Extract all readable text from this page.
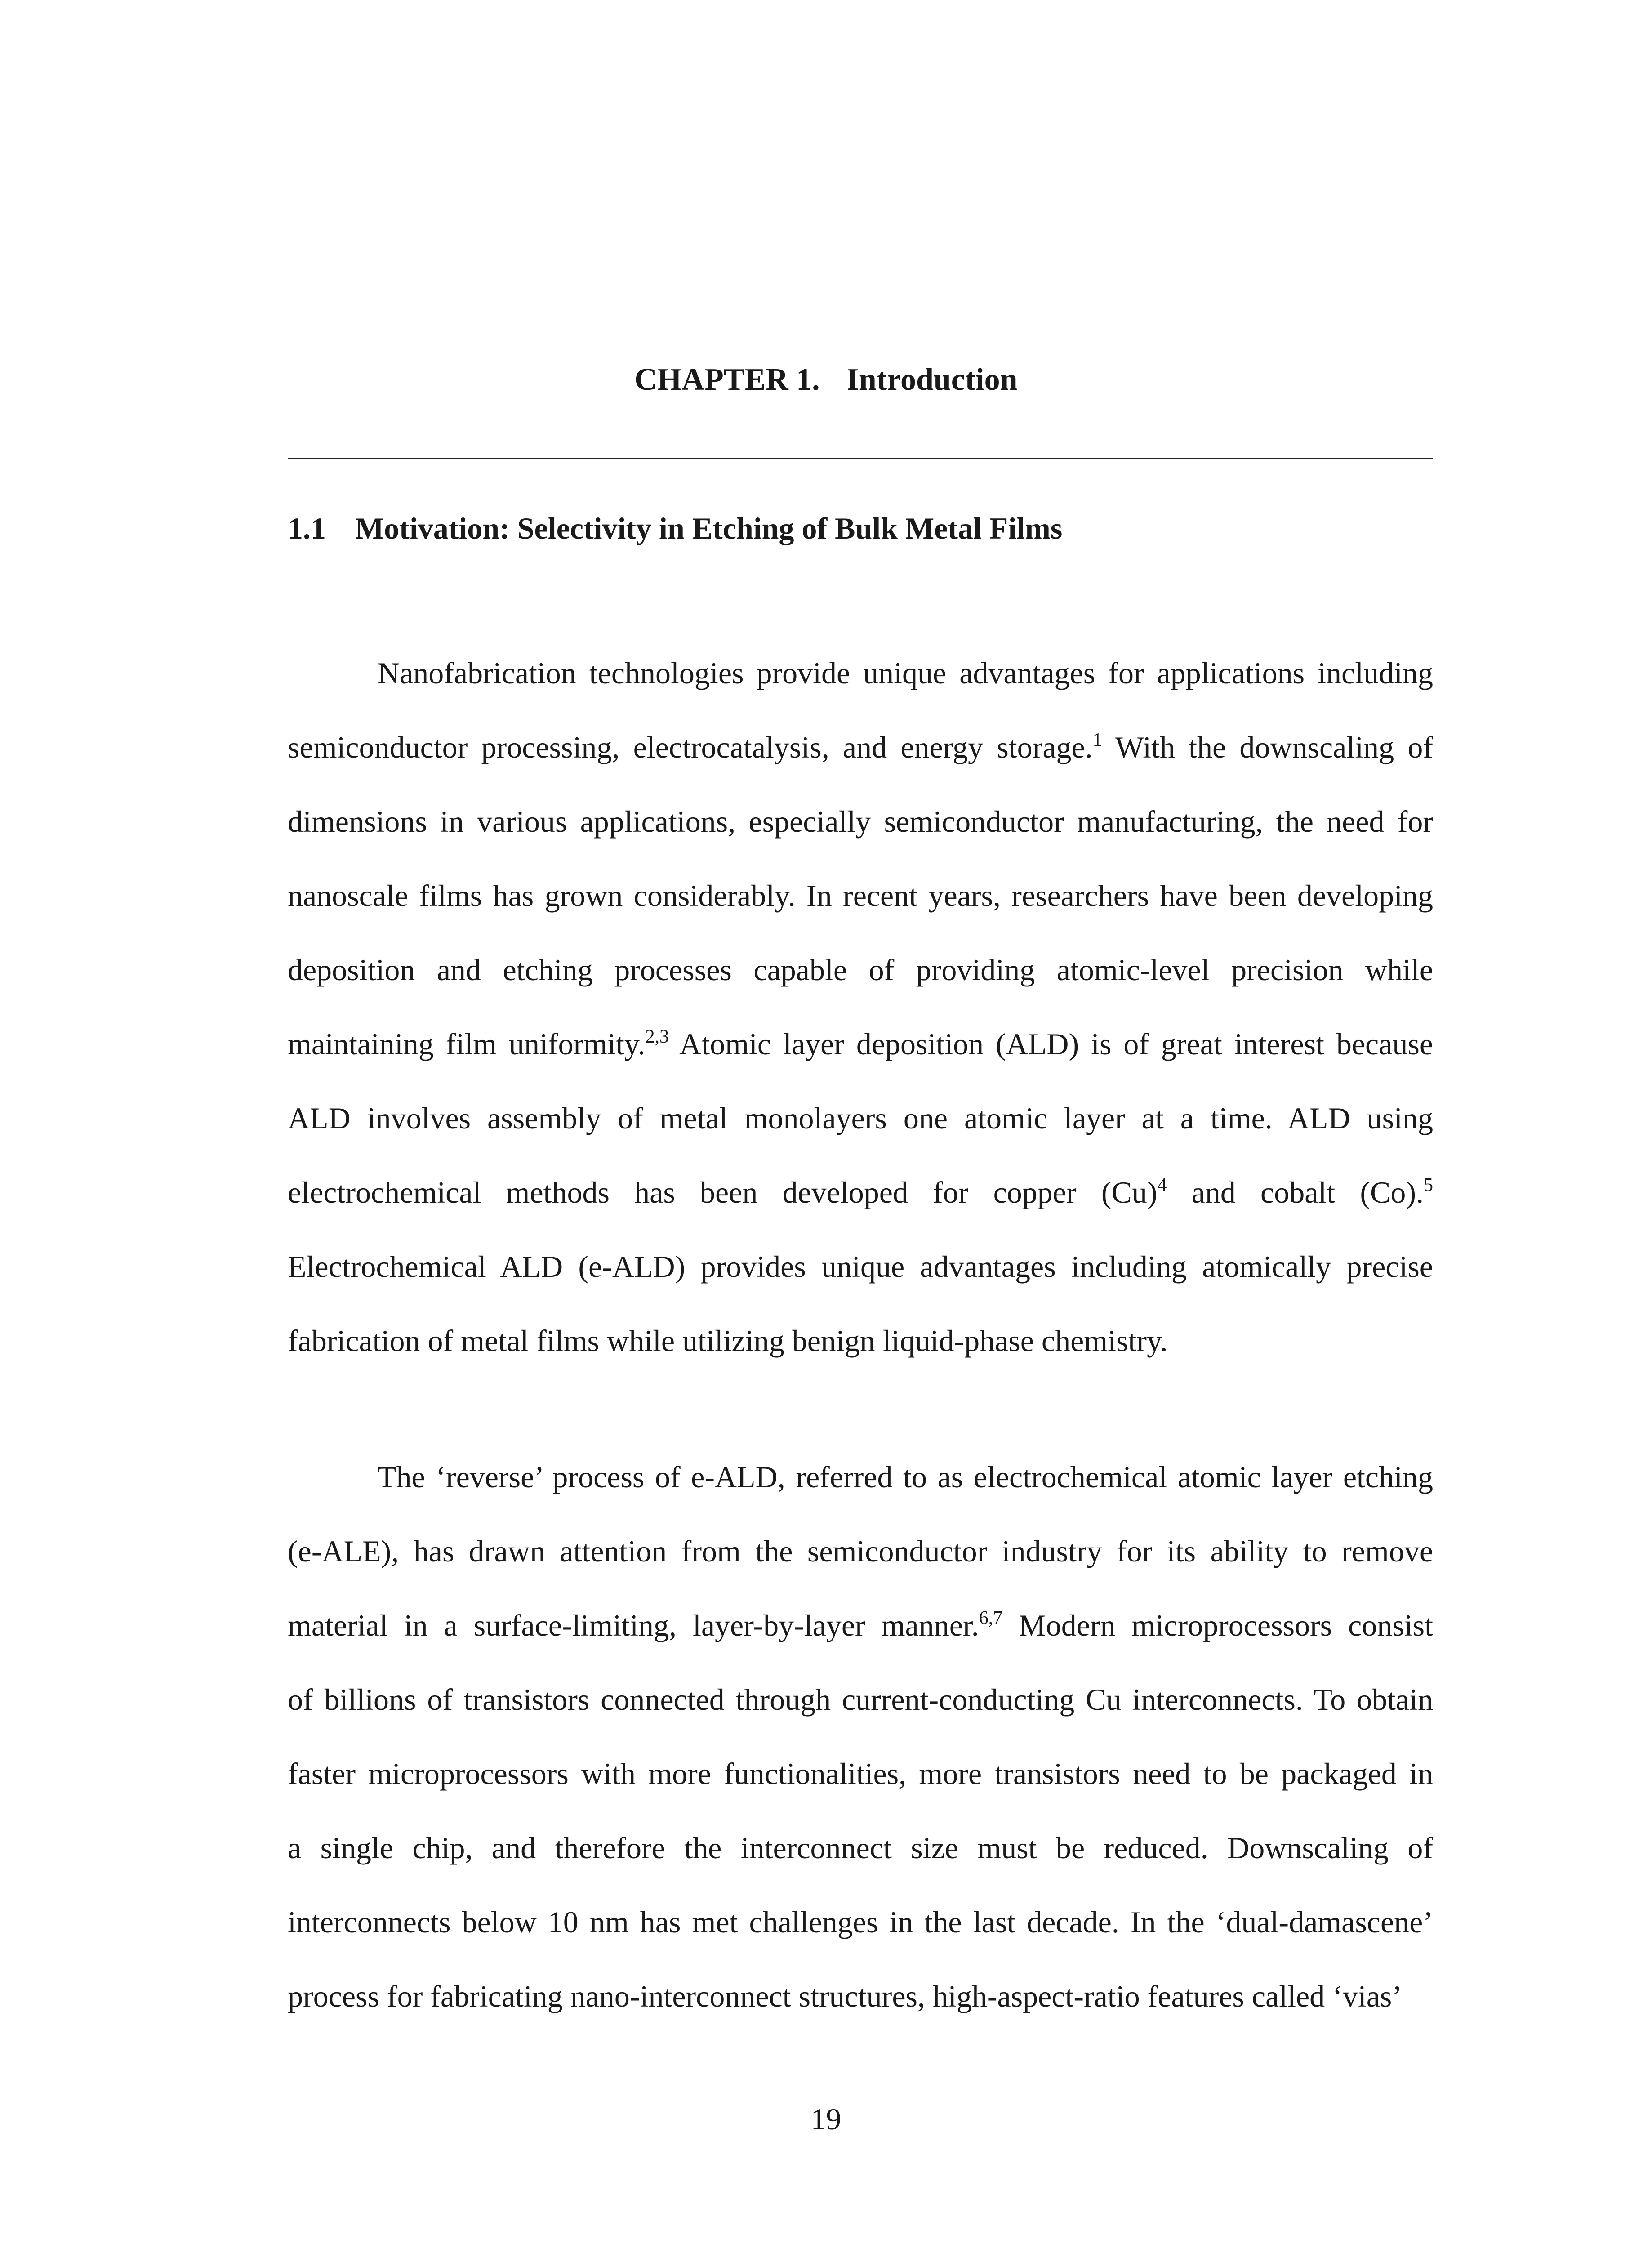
CHAPTER 1. Introduction
1.1 Motivation: Selectivity in Etching of Bulk Metal Films
Nanofabrication technologies provide unique advantages for applications including
semiconductor processing, electrocatalysis, and energy storage.$^1$ With the downscaling of
dimensions in various applications, especially semiconductor manufacturing, the need for
nanoscale films has grown considerably. In recent years, researchers have been developing
deposition and etching processes capable of providing atomic-level precision while
maintaining film uniformity.$^{2,3}$ Atomic layer deposition (ALD) is of great interest because
ALD involves assembly of metal monolayers one atomic layer at a time. ALD using
electrochemical methods has been developed for copper $(Cu)^4$ and cobalt (Co).$^5$
Electrochemical ALD (e-ALD) provides unique advantages including atomically precise
fabrication of metal films while utilizing benign liquid-phase chemistry.
The ‘reverse’ process of e-ALD, referred to as electrochemical atomic layer etching
(e-ALE), has drawn attention from the semiconductor industry for its ability to remove
material in a surface-limiting, layer-by-layer manner.$^{6,7}$ Modern microprocessors consist
of billions of transistors connected through current-conducting Cu interconnects. To obtain
faster microprocessors with more functionalities, more transistors need to be packaged in
a single chip, and therefore the interconnect size must be reduced. Downscaling of
interconnects below 10 nm has met challenges in the last decade. In the ‘dual-damascene’
process for fabricating nano-interconnect structures, high-aspect-ratio features called ‘vias’

19
